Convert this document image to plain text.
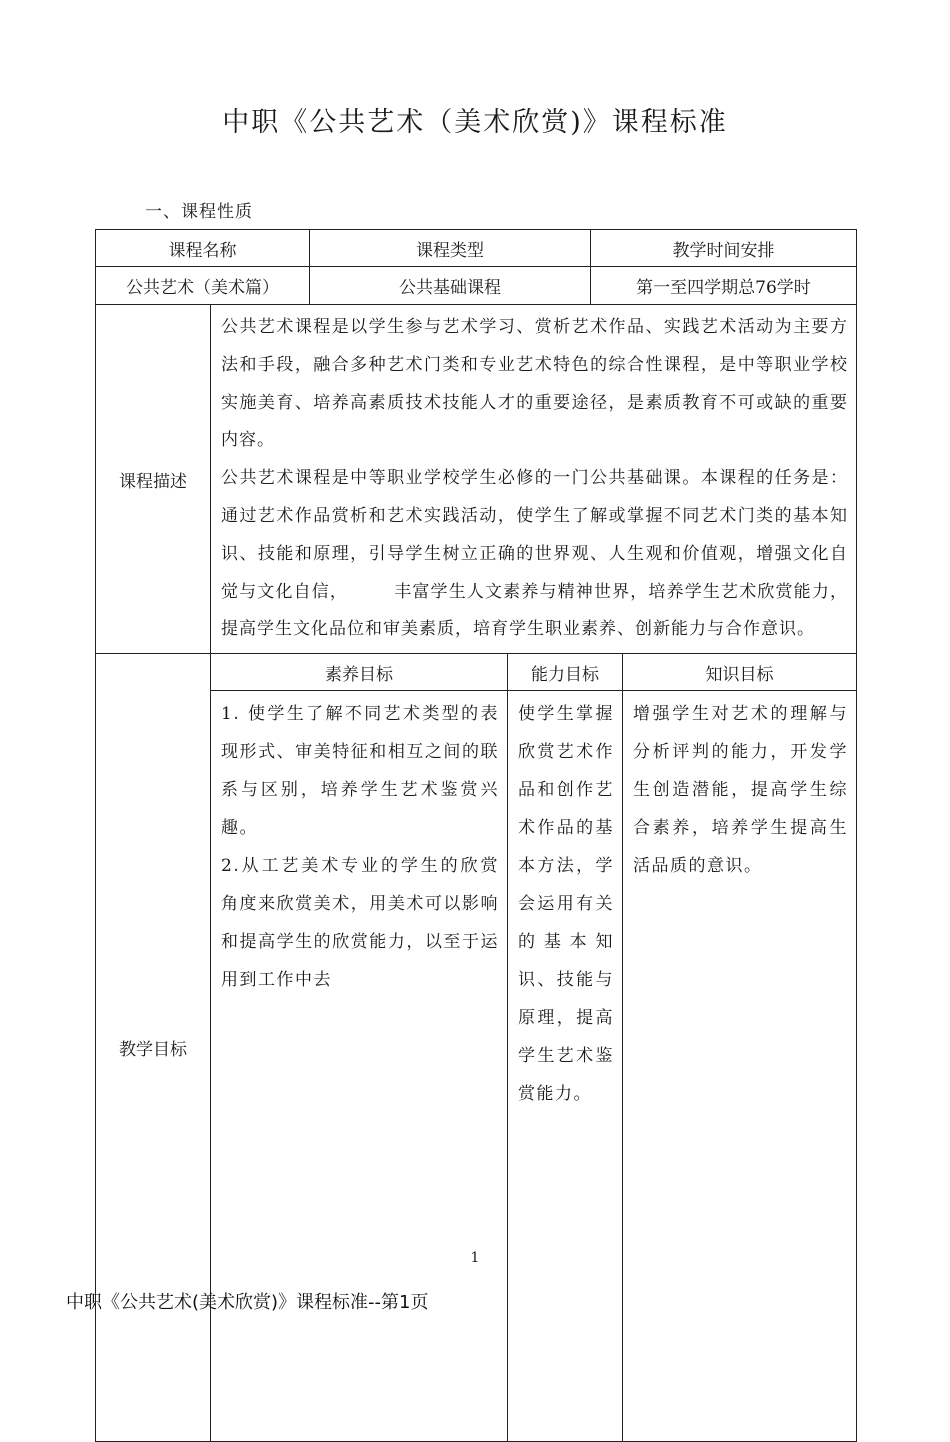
中职《公共艺术（美术欣赏)》课程标准
一、课程性质
课程名称		课程类型		教学时间安排	
公共艺术（美术篇）		公共基础课程		第一至四学期总76学时	
课程描述	公共艺术课程是以学生参与艺术学习、赏析艺术作品、实践艺术活动为主要方法和手段，融合多种艺术门类和专业艺术特色的综合性课程，是中等职业学校实施美育、培养高素质技术技能人才的重要途径，是素质教育不可或缺的重要内容。

公共艺术课程是中等职业学校学生必修的一门公共基础课。本课程的任务是：通过艺术作品赏析和艺术实践活动，使学生了解或掌握不同艺术门类的基本知识、技能和原理，引导学生树立正确的世界观、人生观和价值观，增强文化自觉与文化自信， 丰富学生人文素养与精神世界，培养学生艺术欣赏能力，提高学生文化品位和审美素质，培育学生职业素养、创新能力与合作意识。				

教学目标	素养目标		能力目标		知识目标

	1. 使学生了解不同艺术类型的表现形式、审美特征和相互之间的联系与区别，培养学生艺术鉴赏兴趣。

2.从工艺美术专业的学生的欣赏角度来欣赏美术，用美术可以影响和提高学生的欣赏能力，以至于运用到工作中去		使学生掌握欣赏艺术作品和创作艺术作品的基本方法，学会运用有关的基本知识、技能与原理，提高学生艺术鉴赏能力。		增强学生对艺术的理解与分析评判的能力，开发学生创造潜能，提高学生综合素养，培养学生提高生活品质的意识。

1
中职《公共艺术(美术欣赏)》课程标准--第1页
